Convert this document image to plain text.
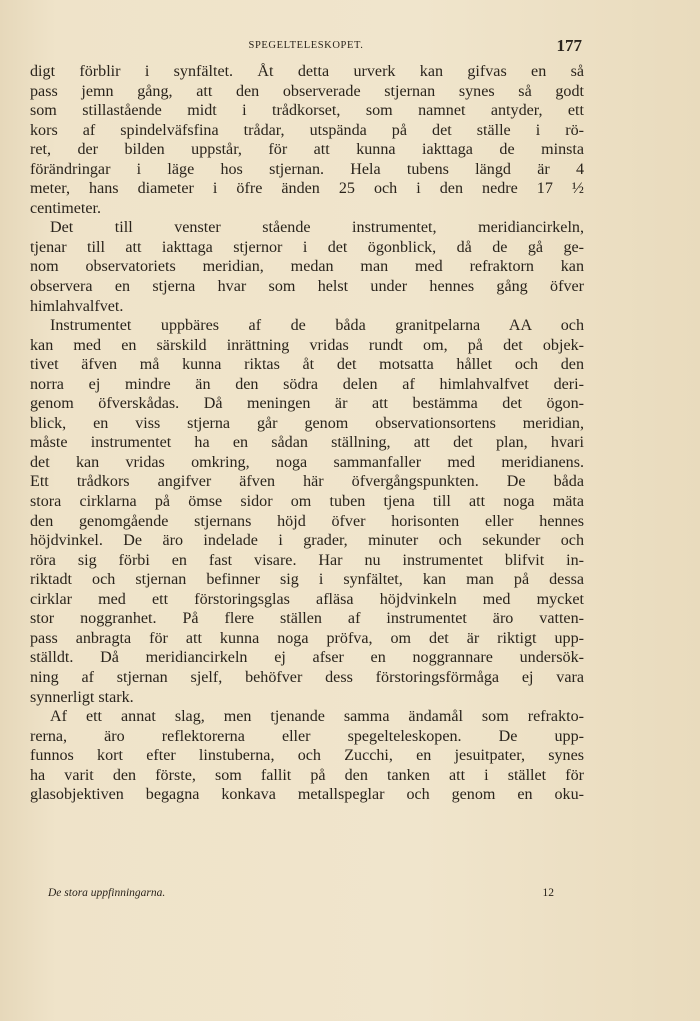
SPEGELTELESKOPET.	177
digt förblir i synfältet. Åt detta urverk kan gifvas en så
pass jemn gång, att den observerade stjernan synes så godt
som stillastående midt i trådkorset, som namnet antyder, ett
kors af spindelväfsfina trådar, utspända på det ställe i rö-
ret, der bilden uppstår, för att kunna iakttaga de minsta
förändringar i läge hos stjernan. Hela tubens längd är 4
meter, hans diameter i öfre änden 25 och i den nedre 17 ½
centimeter.
Det till venster stående instrumentet, meridiancirkeln,
tjenar till att iakttaga stjernor i det ögonblick, då de gå ge-
nom observatoriets meridian, medan man med refraktorn kan
observera en stjerna hvar som helst under hennes gång öfver
himlahvalfvet.
Instrumentet uppbäres af de båda granitpelarna AA och
kan med en särskild inrättning vridas rundt om, på det objek-
tivet äfven må kunna riktas åt det motsatta hållet och den
norra ej mindre än den södra delen af himlahvalfvet deri-
genom öfverskådas. Då meningen är att bestämma det ögon-
blick, en viss stjerna går genom observationsortens meridian,
måste instrumentet ha en sådan ställning, att det plan, hvari
det kan vridas omkring, noga sammanfaller med meridianens.
Ett trådkors angifver äfven här öfvergångspunkten. De båda
stora cirklarna på ömse sidor om tuben tjena till att noga mäta
den genomgående stjernans höjd öfver horisonten eller hennes
höjdvinkel. De äro indelade i grader, minuter och sekunder och
röra sig förbi en fast visare. Har nu instrumentet blifvit in-
riktadt och stjernan befinner sig i synfältet, kan man på dessa
cirklar med ett förstoringsglas afläsa höjdvinkeln med mycket
stor noggranhet. På flere ställen af instrumentet äro vatten-
pass anbragta för att kunna noga pröfva, om det är riktigt upp-
ställdt. Då meridiancirkeln ej afser en noggrannare undersök-
ning af stjernan sjelf, behöfver dess förstoringsförmåga ej vara
synnerligt stark.
Af ett annat slag, men tjenande samma ändamål som refrakto-
rerna, äro reflektorerna eller spegelteleskopen. De upp-
funnos kort efter linstuberna, och Zucchi, en jesuitpater, synes
ha varit den förste, som fallit på den tanken att i stället för
glasobjektiven begagna konkava metallspeglar och genom en oku-
De stora uppfinningarna.	12
